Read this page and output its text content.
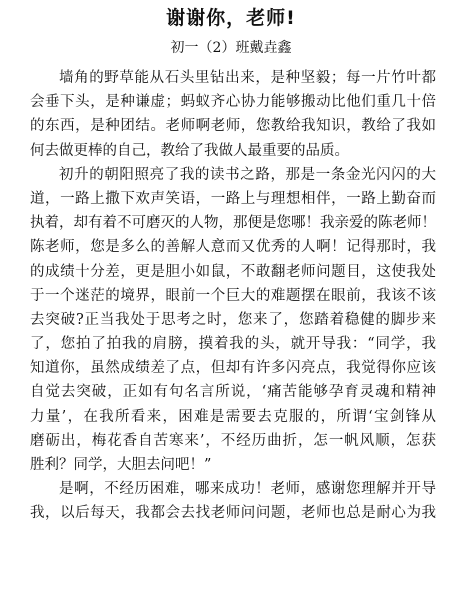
谢谢你，老师!
初一（2）班戴垚鑫
墙角的野草能从石头里钻出来，是种坚毅；每一片竹叶都
会垂下头，是种谦虚；蚂蚁齐心协力能够搬动比他们重几十倍
的东西，是种团结。老师啊老师，您教给我知识，教给了我如
何去做更棒的自己，教给了我做人最重要的品质。
初升的朝阳照亮了我的读书之路，那是一条金光闪闪的大
道，一路上撒下欢声笑语，一路上与理想相伴，一路上勤奋而
执着，却有着不可磨灭的人物，那便是您哪！我亲爱的陈老师！
陈老师，您是多么的善解人意而又优秀的人啊！记得那时，我
的成绩十分差，更是胆小如鼠，不敢翻老师问题目，这使我处
于一个迷茫的境界，眼前一个巨大的难题摆在眼前，我该不该
去突破?正当我处于思考之时，您来了，您踏着稳健的脚步来
了，您拍了拍我的肩膀，摸着我的头，就开导我：“同学，我
知道你，虽然成绩差了点，但却有许多闪亮点，我觉得你应该
自觉去突破，正如有句名言所说，‘痛苦能够孕育灵魂和精神
力量’，在我所看来，困难是需要去克服的，所谓‘宝剑锋从
磨砺出，梅花香自苦寒来’，不经历曲折，怎一帆风顺，怎获
胜利？同学，大胆去问吧！”
是啊，不经历困难，哪来成功！老师，感谢您理解并开导
我，以后每天，我都会去找老师问问题，老师也总是耐心为我
